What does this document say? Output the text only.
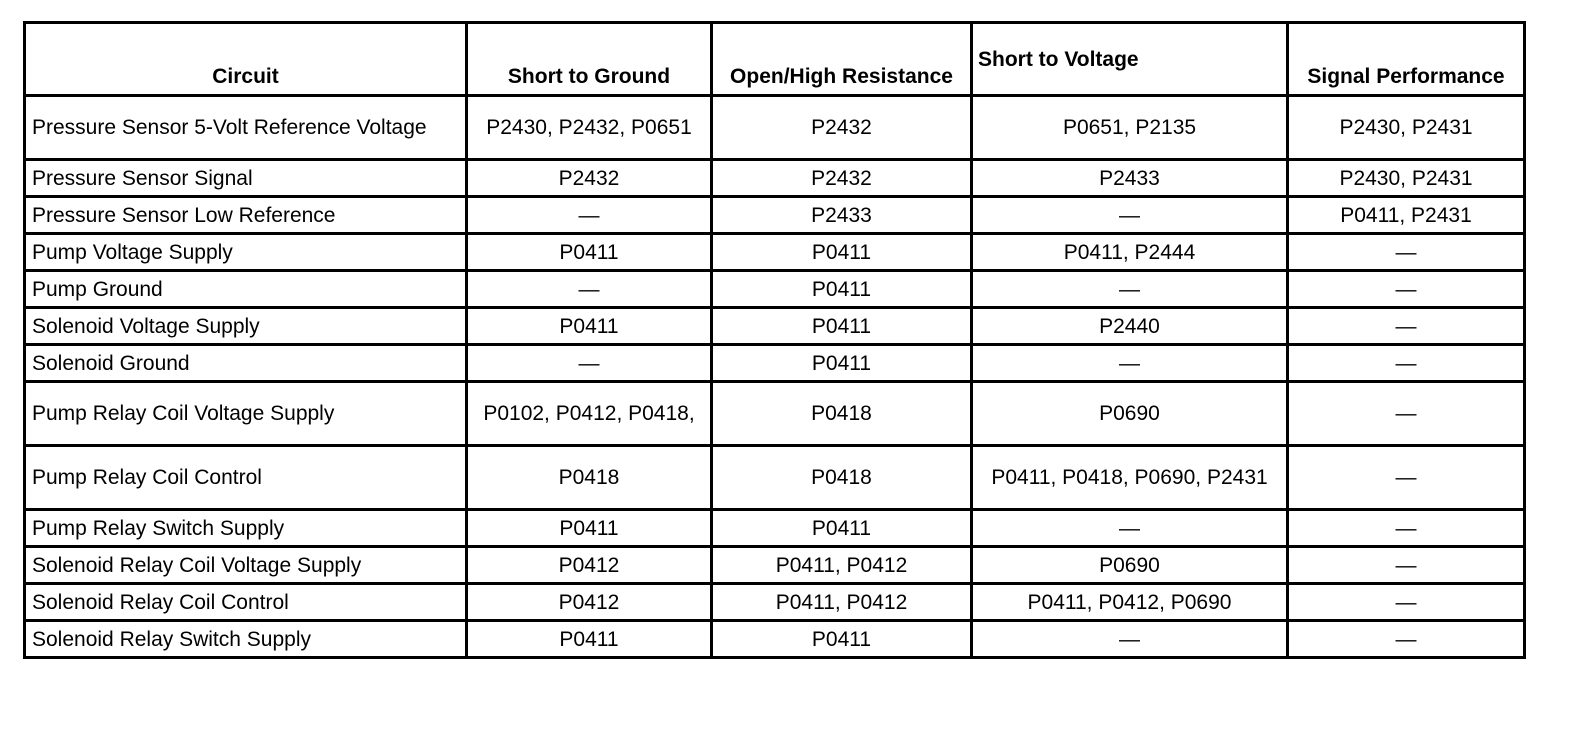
Circuit	Short to Ground	Open/High Resistance	Short to Voltage	Signal Performance
Pressure Sensor 5-Volt Reference Voltage	P2430, P2432, P0651	P2432	P0651, P2135	P2430, P2431
Pressure Sensor Signal	P2432	P2432	P2433	P2430, P2431
Pressure Sensor Low Reference	—	P2433	—	P0411, P2431
Pump Voltage Supply	P0411	P0411	P0411, P2444	—
Pump Ground	—	P0411	—	—
Solenoid Voltage Supply	P0411	P0411	P2440	—
Solenoid Ground	—	P0411	—	—
Pump Relay Coil Voltage Supply	P0102, P0412, P0418,	P0418	P0690	—
Pump Relay Coil Control	P0418	P0418	P0411, P0418, P0690, P2431	—
Pump Relay Switch Supply	P0411	P0411	—	—
Solenoid Relay Coil Voltage Supply	P0412	P0411, P0412	P0690	—
Solenoid Relay Coil Control	P0412	P0411, P0412	P0411, P0412, P0690	—
Solenoid Relay Switch Supply	P0411	P0411	—	—
